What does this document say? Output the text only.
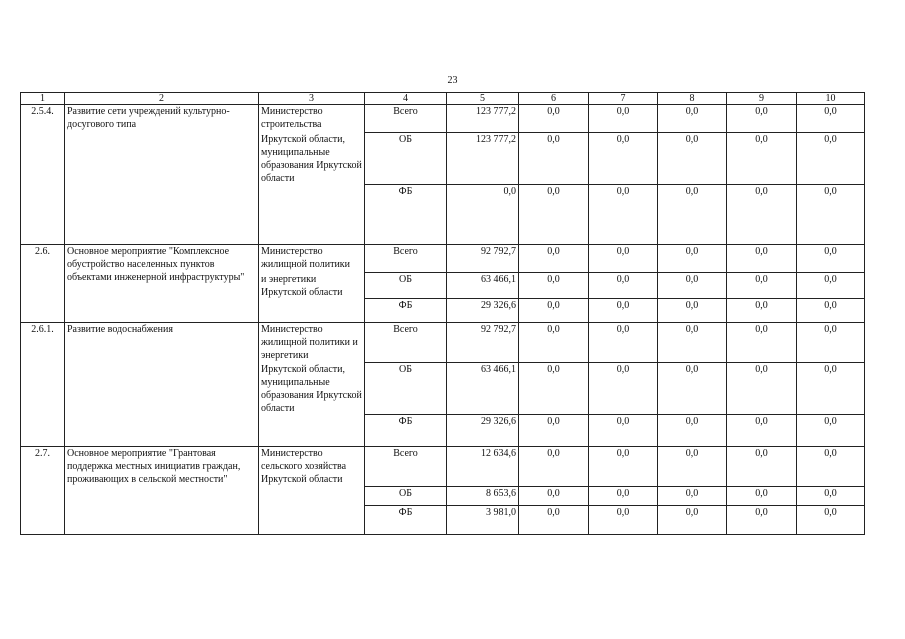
23
1	2	3	4	5	6	7	8	9	10
2.5.4.	Развитие сети учреждений культурно-досугового типа	Министерство строительства	Всего	123 777,2	0,0	0,0	0,0	0,0	0,0
		Иркутской области, муниципальные образования Иркутской области	ОБ	123 777,2	0,0	0,0	0,0	0,0	0,0
			ФБ	0,0	0,0	0,0	0,0	0,0	0,0
2.6.	Основное мероприятие "Комплексное обустройство населенных пунктов объектами инженерной инфраструктуры"	Министерство жилищной политики	Всего	92 792,7	0,0	0,0	0,0	0,0	0,0
		и энергетики Иркутской области	ОБ	63 466,1	0,0	0,0	0,0	0,0	0,0
			ФБ	29 326,6	0,0	0,0	0,0	0,0	0,0
2.6.1.	Развитие водоснабжения	Министерство жилищной политики и энергетики	Всего	92 792,7	0,0	0,0	0,0	0,0	0,0
		Иркутской области, муниципальные образования Иркутской области	ОБ	63 466,1	0,0	0,0	0,0	0,0	0,0
			ФБ	29 326,6	0,0	0,0	0,0	0,0	0,0
2.7.	Основное мероприятие "Грантовая поддержка местных инициатив граждан, проживающих в сельской местности"	Министерство сельского хозяйства Иркутской области	Всего	12 634,6	0,0	0,0	0,0	0,0	0,0
			ОБ	8 653,6	0,0	0,0	0,0	0,0	0,0
			ФБ	3 981,0	0,0	0,0	0,0	0,0	0,0
